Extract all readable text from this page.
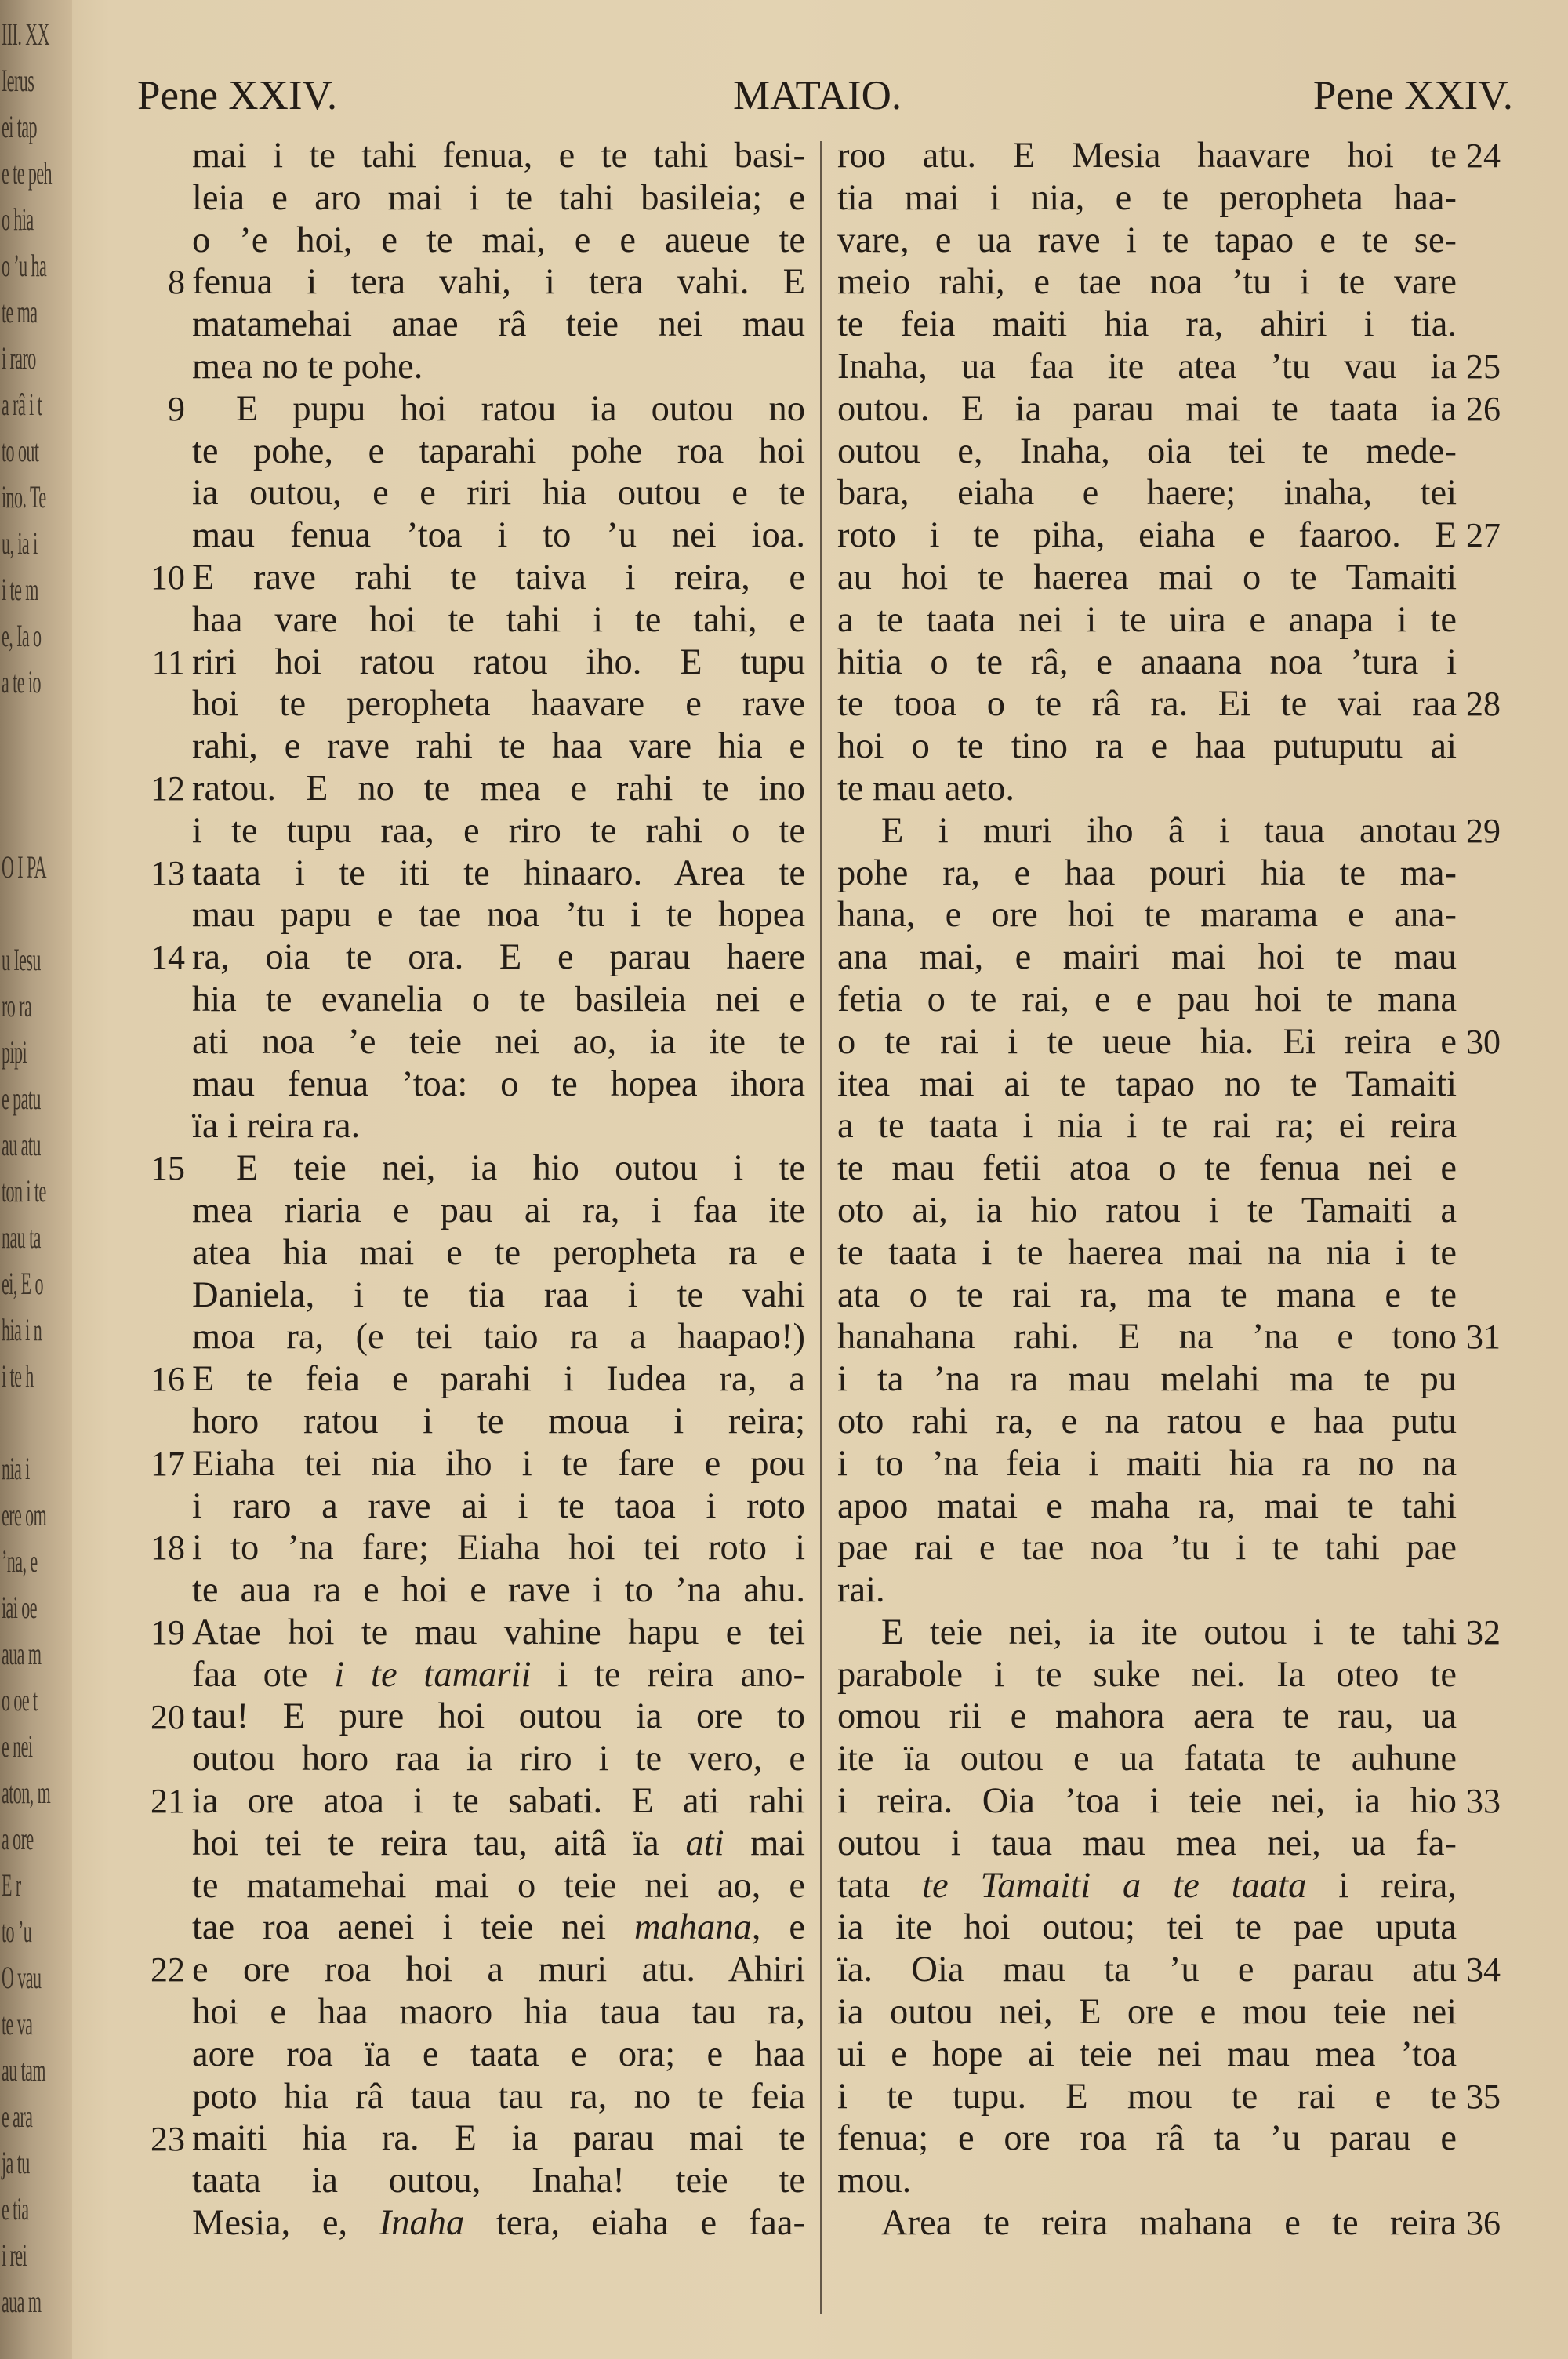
III. XX
Ierus
ei tap
e te peh
o hia
o ’u ha
te ma
i raro
a râ i t
to out
ino. Te
u, ia i
i te m
e, Ia o
a te io
O I PA
u Iesu
ro ra
pipi
e patu
au atu
ton i te
nau ta
ei, E o
hia i n
i te h
nia i
ere om
’na, e
iai oe
aua m
o oe t
e nei
aton, m
a ore
E r
to ’u
O vau
te va
au tam
e ara
ja tu
e tia
i rei
aua m
Pene XXIV.	MATAIO.	Pene XXIV.
mai i te tahi fenua, e te tahi basi-
leia e aro mai i te tahi basileia; e
o ’e hoi, e te mai, e e aueue te
fenua i tera vahi, i tera vahi. E
matamehai anae râ teie nei mau
mea no te pohe.
E pupu hoi ratou ia outou no
te pohe, e taparahi pohe roa hoi
ia outou, e e riri hia outou e te
mau fenua ’toa i to ’u nei ioa.
E rave rahi te taiva i reira, e
haa vare hoi te tahi i te tahi, e
riri hoi ratou ratou iho. E tupu
hoi te peropheta haavare e rave
rahi, e rave rahi te haa vare hia e
ratou. E no te mea e rahi te ino
i te tupu raa, e riro te rahi o te
taata i te iti te hinaaro. Area te
mau papu e tae noa ’tu i te hopea
ra, oia te ora. E e parau haere
hia te evanelia o te basileia nei e
ati noa ’e teie nei ao, ia ite te
mau fenua ’toa: o te hopea ihora
ïa i reira ra.
E teie nei, ia hio outou i te
mea riaria e pau ai ra, i faa ite
atea hia mai e te peropheta ra e
Daniela, i te tia raa i te vahi
moa ra, (e tei taio ra a haapao!)
E te feia e parahi i Iudea ra, a
horo ratou i te moua i reira;
Eiaha tei nia iho i te fare e pou
i raro a rave ai i te taoa i roto
i to ’na fare; Eiaha hoi tei roto i
te aua ra e hoi e rave i to ’na ahu.
Atae hoi te mau vahine hapu e tei
faa ote i te tamarii i te reira ano-
tau! E pure hoi outou ia ore to
outou horo raa ia riro i te vero, e
ia ore atoa i te sabati. E ati rahi
hoi tei te reira tau, aitâ ïa ati mai
te matamehai mai o teie nei ao, e
tae roa aenei i teie nei mahana, e
e ore roa hoi a muri atu. Ahiri
hoi e haa maoro hia taua tau ra,
aore roa ïa e taata e ora; e haa
poto hia râ taua tau ra, no te feia
maiti hia ra. E ia parau mai te
taata ia outou, Inaha! teie te
Mesia, e, Inaha tera, eiaha e faa-
roo atu. E Mesia haavare hoi te
tia mai i nia, e te peropheta haa-
vare, e ua rave i te tapao e te se-
meio rahi, e tae noa ’tu i te vare
te feia maiti hia ra, ahiri i tia.
Inaha, ua faa ite atea ’tu vau ia
outou. E ia parau mai te taata ia
outou e, Inaha, oia tei te mede-
bara, eiaha e haere; inaha, tei
roto i te piha, eiaha e faaroo. E
au hoi te haerea mai o te Tamaiti
a te taata nei i te uira e anapa i te
hitia o te râ, e anaana noa ’tura i
te tooa o te râ ra. Ei te vai raa
hoi o te tino ra e haa putuputu ai
te mau aeto.
E i muri iho â i taua anotau
pohe ra, e haa pouri hia te ma-
hana, e ore hoi te marama e ana-
ana mai, e mairi mai hoi te mau
fetia o te rai, e e pau hoi te mana
o te rai i te ueue hia. Ei reira e
itea mai ai te tapao no te Tamaiti
a te taata i nia i te rai ra; ei reira
te mau fetii atoa o te fenua nei e
oto ai, ia hio ratou i te Tamaiti a
te taata i te haerea mai na nia i te
ata o te rai ra, ma te mana e te
hanahana rahi. E na ’na e tono
i ta ’na ra mau melahi ma te pu
oto rahi ra, e na ratou e haa putu
i to ’na feia i maiti hia ra no na
apoo matai e maha ra, mai te tahi
pae rai e tae noa ’tu i te tahi pae
rai.
E teie nei, ia ite outou i te tahi
parabole i te suke nei. Ia oteo te
omou rii e mahora aera te rau, ua
ite ïa outou e ua fatata te auhune
i reira. Oia ’toa i teie nei, ia hio
outou i taua mau mea nei, ua fa-
tata te Tamaiti a te taata i reira,
ia ite hoi outou; tei te pae uputa
ïa. Oia mau ta ’u e parau atu
ia outou nei, E ore e mou teie nei
ui e hope ai teie nei mau mea ’toa
i te tupu. E mou te rai e te
fenua; e ore roa râ ta ’u parau e
mou.
Area te reira mahana e te reira
8
9
10
11
12
13
14
15
16
17
18
19
20
21
22
23
24
25
26
27
28
29
30
31
32
33
34
35
36
